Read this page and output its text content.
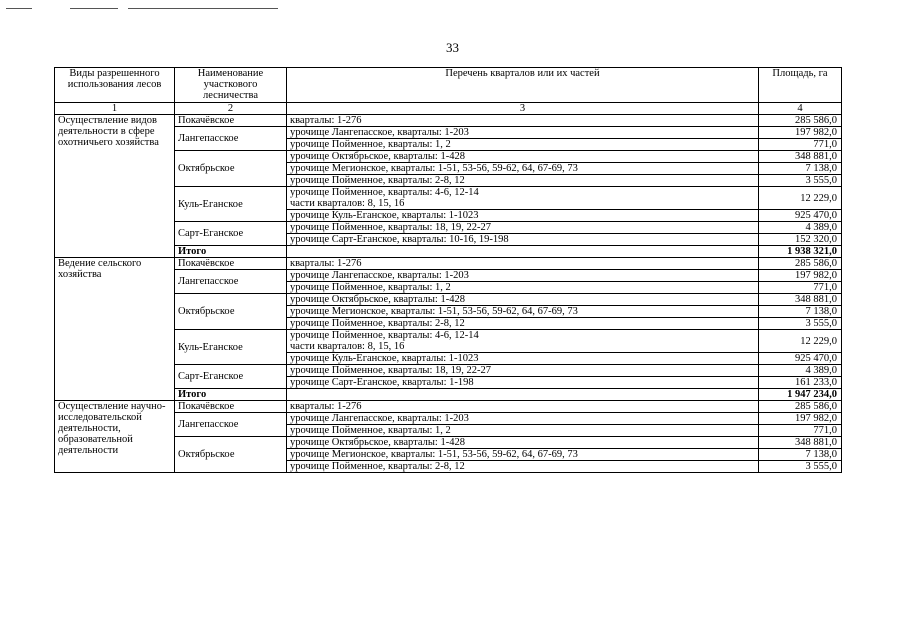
33
Виды разрешенного использования лесов	Наименование участкового лесничества	Перечень кварталов или их частей	Площадь, га
1	2	3	4
Осуществление видов деятельности в сфере охотничьего хозяйства	Покачёвское	кварталы: 1-276	285 586,0
	Лангепасское	урочище Лангепасское, кварталы: 1-203	197 982,0

		урочище Пойменное, кварталы: 1, 2	771,0
	Октябрьское	урочище Октябрьское, кварталы: 1-428	348 881,0

		урочище Мегионское, кварталы: 1-51, 53-56, 59-62, 64, 67-69, 73	7 138,0

		урочище Пойменное, кварталы: 2-8, 12	3 555,0
	Куль-Еганское	урочище Пойменное, кварталы: 4-6, 12-14
части кварталов: 8, 15, 16	12 229,0

		урочище Куль-Еганское, кварталы: 1-1023	925 470,0
	Сарт-Еганское	урочище Пойменное, кварталы: 18, 19, 22-27	4 389,0

		урочище Сарт-Еганское, кварталы: 10-16, 19-198	152 320,0
	Итого		1 938 321,0
Ведение сельского хозяйства	Покачёвское	кварталы: 1-276	285 586,0
	Лангепасское	урочище Лангепасское, кварталы: 1-203	197 982,0

		урочище Пойменное, кварталы: 1, 2	771,0
	Октябрьское	урочище Октябрьское, кварталы: 1-428	348 881,0

		урочище Мегионское, кварталы: 1-51, 53-56, 59-62, 64, 67-69, 73	7 138,0

		урочище Пойменное, кварталы: 2-8, 12	3 555,0
	Куль-Еганское	урочище Пойменное, кварталы: 4-6, 12-14
части кварталов: 8, 15, 16	12 229,0

		урочище Куль-Еганское, кварталы: 1-1023	925 470,0
	Сарт-Еганское	урочище Пойменное, кварталы: 18, 19, 22-27	4 389,0

		урочище Сарт-Еганское, кварталы: 1-198	161 233,0
	Итого		1 947 234,0
Осуществление научно-исследовательской деятельности, образовательной деятельности	Покачёвское	кварталы: 1-276	285 586,0
	Лангепасское	урочище Лангепасское, кварталы: 1-203	197 982,0

		урочище Пойменное, кварталы: 1, 2	771,0
	Октябрьское	урочище Октябрьское, кварталы: 1-428	348 881,0

		урочище Мегионское, кварталы: 1-51, 53-56, 59-62, 64, 67-69, 73	7 138,0

		урочище Пойменное, кварталы: 2-8, 12	3 555,0
